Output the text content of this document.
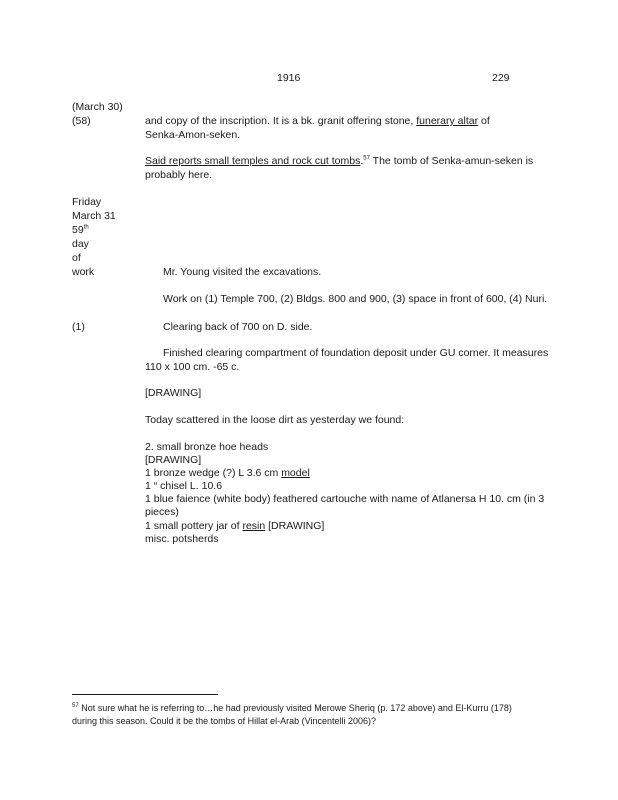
1916	229
(March 30)
(58)
Friday
March 31
59th
day
of
work
(1)
and copy of the inscription. It is a bk. granit offering stone, funerary altar of
Senka-Amon-seken.
Said reports small temples and rock cut tombs.$^{57}$ The tomb of Senka-amun-seken is
probably here.
Mr. Young visited the excavations.
Work on (1) Temple 700, (2) Bldgs. 800 and 900, (3) space in front of 600, (4) Nuri.
Clearing back of 700 on D. side.
Finished clearing compartment of foundation deposit under GU corner. It measures
110 x 100 cm. -65 c.
[DRAWING]
Today scattered in the loose dirt as yesterday we found:
2. small bronze hoe heads
[DRAWING]
1 bronze wedge (?) L 3.6 cm model
1 “ chisel L. 10.6
1 blue faience (white body) feathered cartouche with name of Atlanersa H 10. cm (in 3
pieces)
1 small pottery jar of resin [DRAWING]
misc. potsherds
$^{57}$ Not sure what he is referring to…he had previously visited Merowe Sheriq (p. 172 above) and El-Kurru (178)
during this season. Could it be the tombs of Hillat el-Arab (Vincentelli 2006)?
